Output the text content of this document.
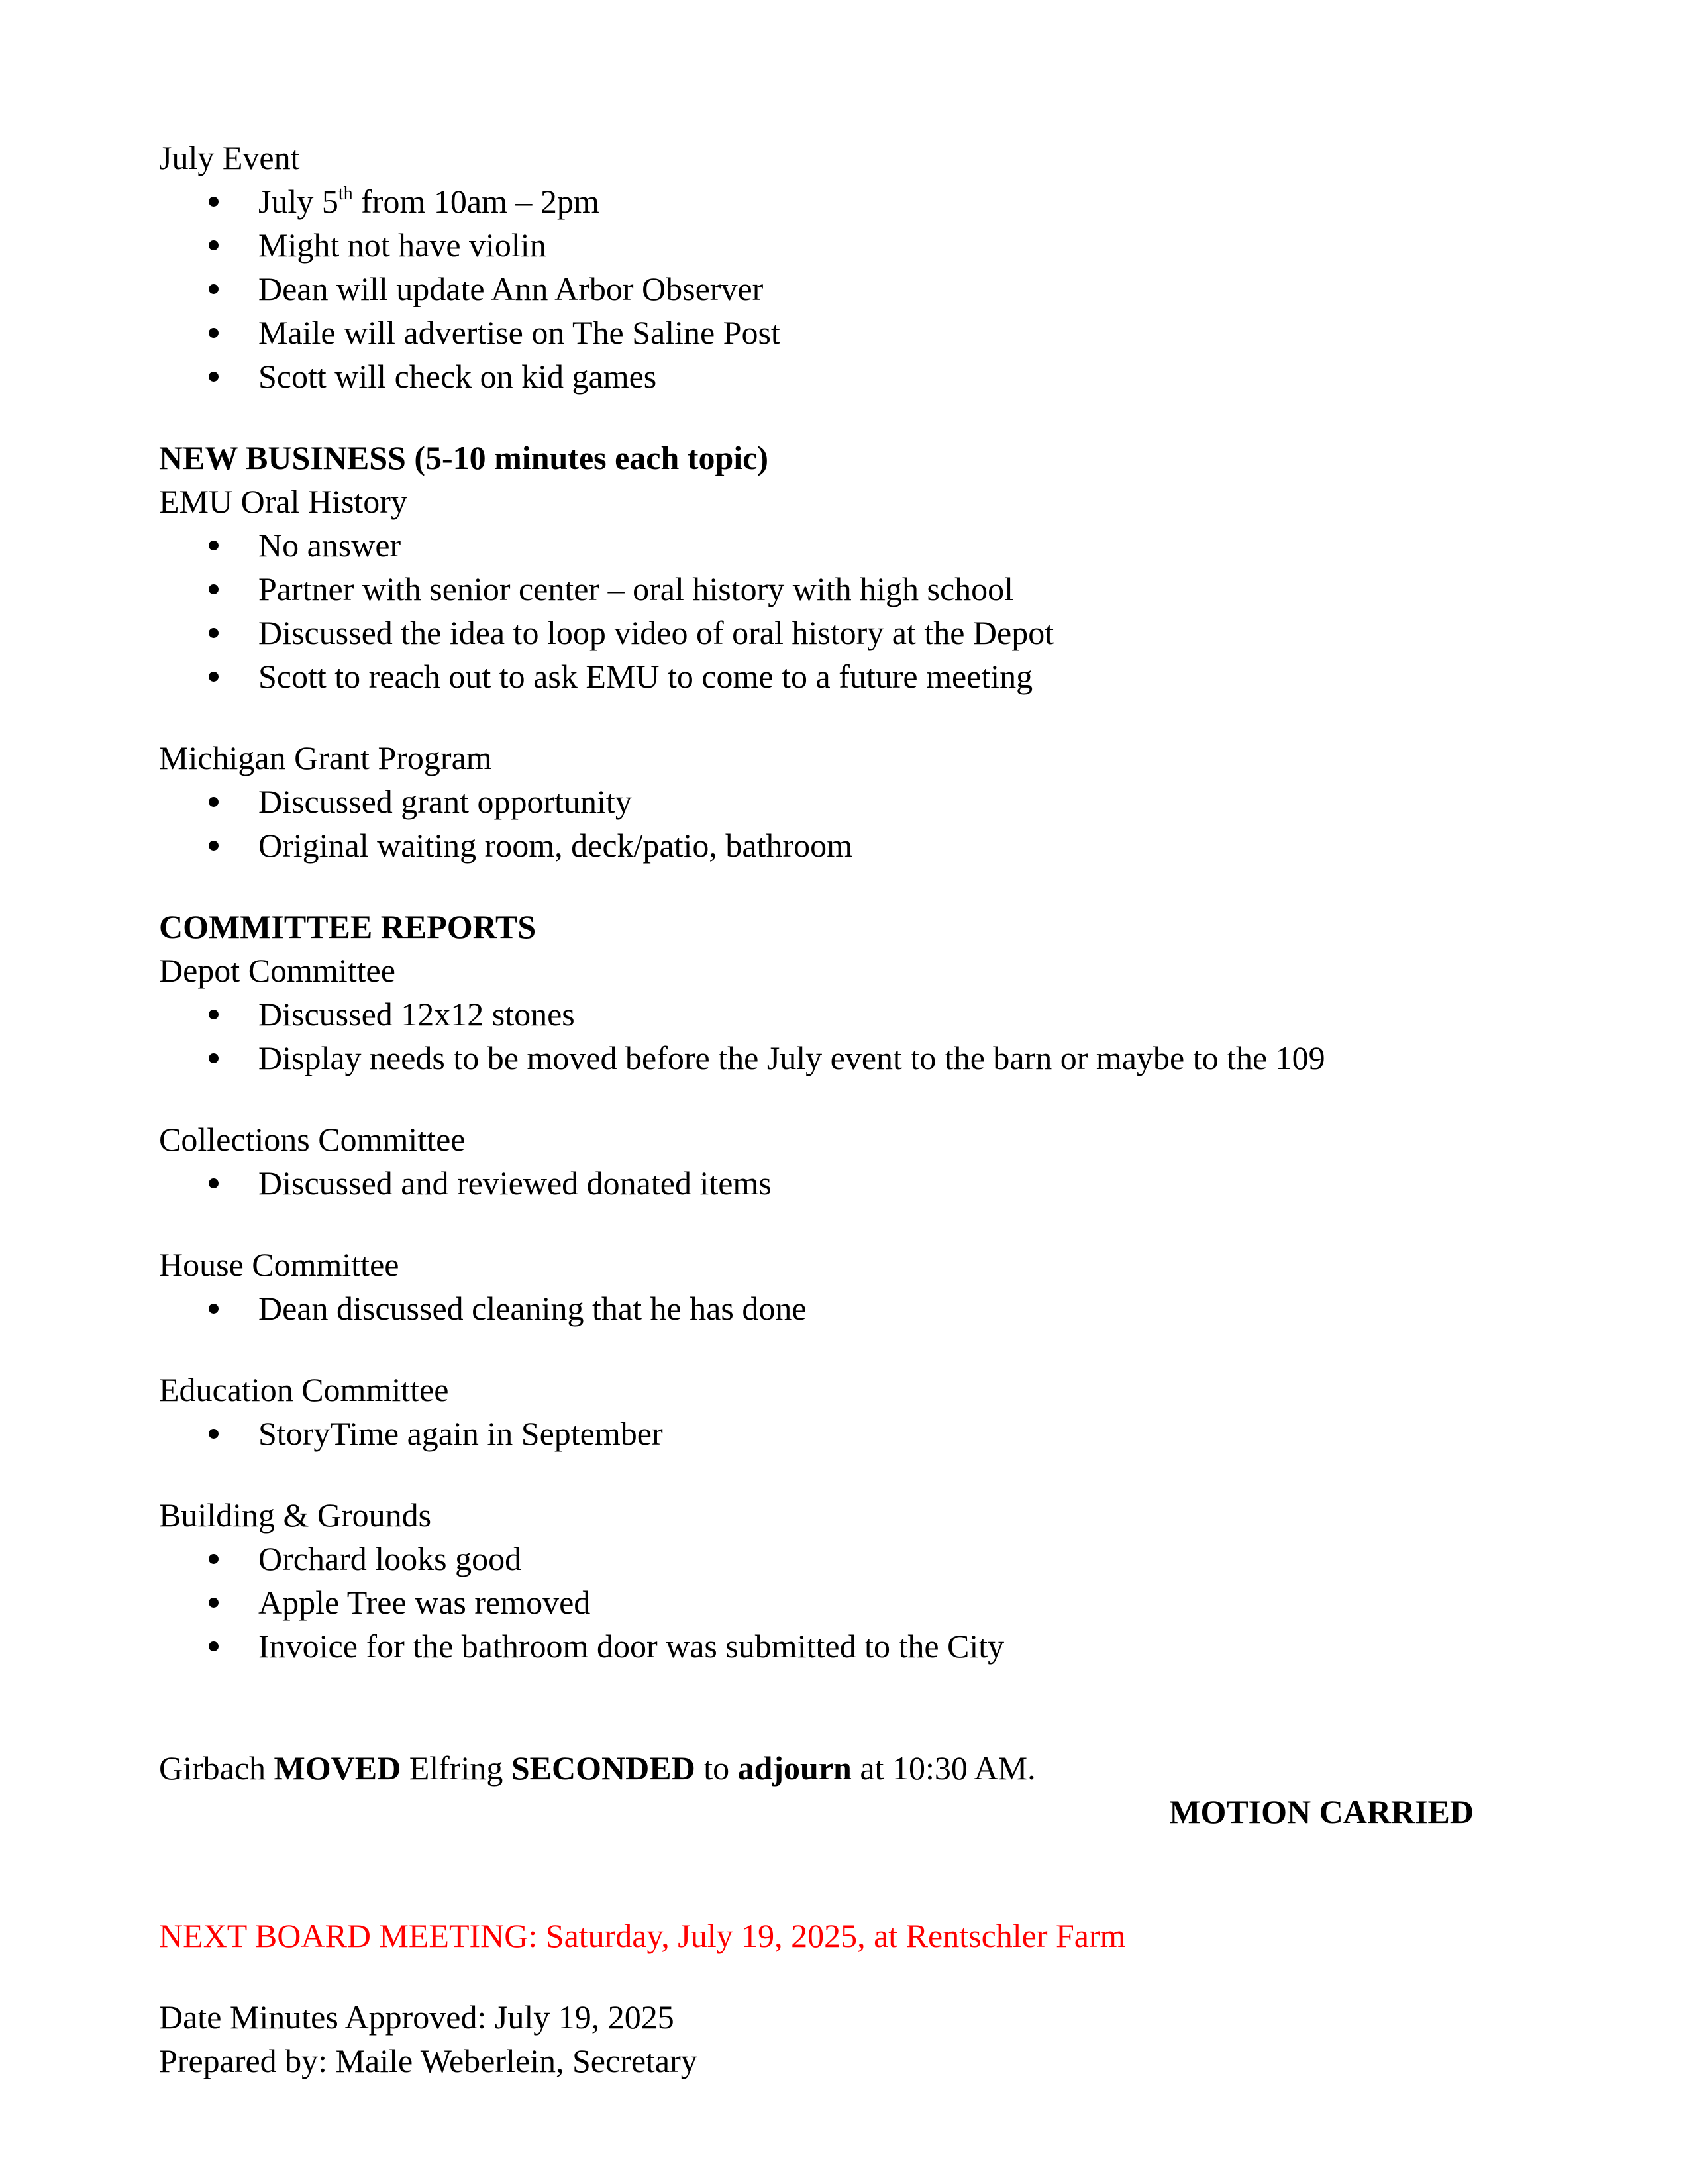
July Event

July 5th from 10am – 2pm
Might not have violin
Dean will update Ann Arbor Observer
Maile will advertise on The Saline Post
Scott will check on kid games

NEW BUSINESS (5-10 minutes each topic)

EMU Oral History

No answer
Partner with senior center – oral history with high school
Discussed the idea to loop video of oral history at the Depot
Scott to reach out to ask EMU to come to a future meeting

Michigan Grant Program

Discussed grant opportunity
Original waiting room, deck/patio, bathroom

COMMITTEE REPORTS

Depot Committee

Discussed 12x12 stones
Display needs to be moved before the July event to the barn or maybe to the 109

Collections Committee

Discussed and reviewed donated items

House Committee

Dean discussed cleaning that he has done

Education Committee

StoryTime again in September

Building & Grounds

Orchard looks good
Apple Tree was removed
Invoice for the bathroom door was submitted to the City

Girbach MOVED Elfring SECONDED to adjourn at 10:30 AM.

MOTION CARRIED

NEXT BOARD MEETING: Saturday, July 19, 2025, at Rentschler Farm

Date Minutes Approved: July 19, 2025

Prepared by: Maile Weberlein, Secretary
